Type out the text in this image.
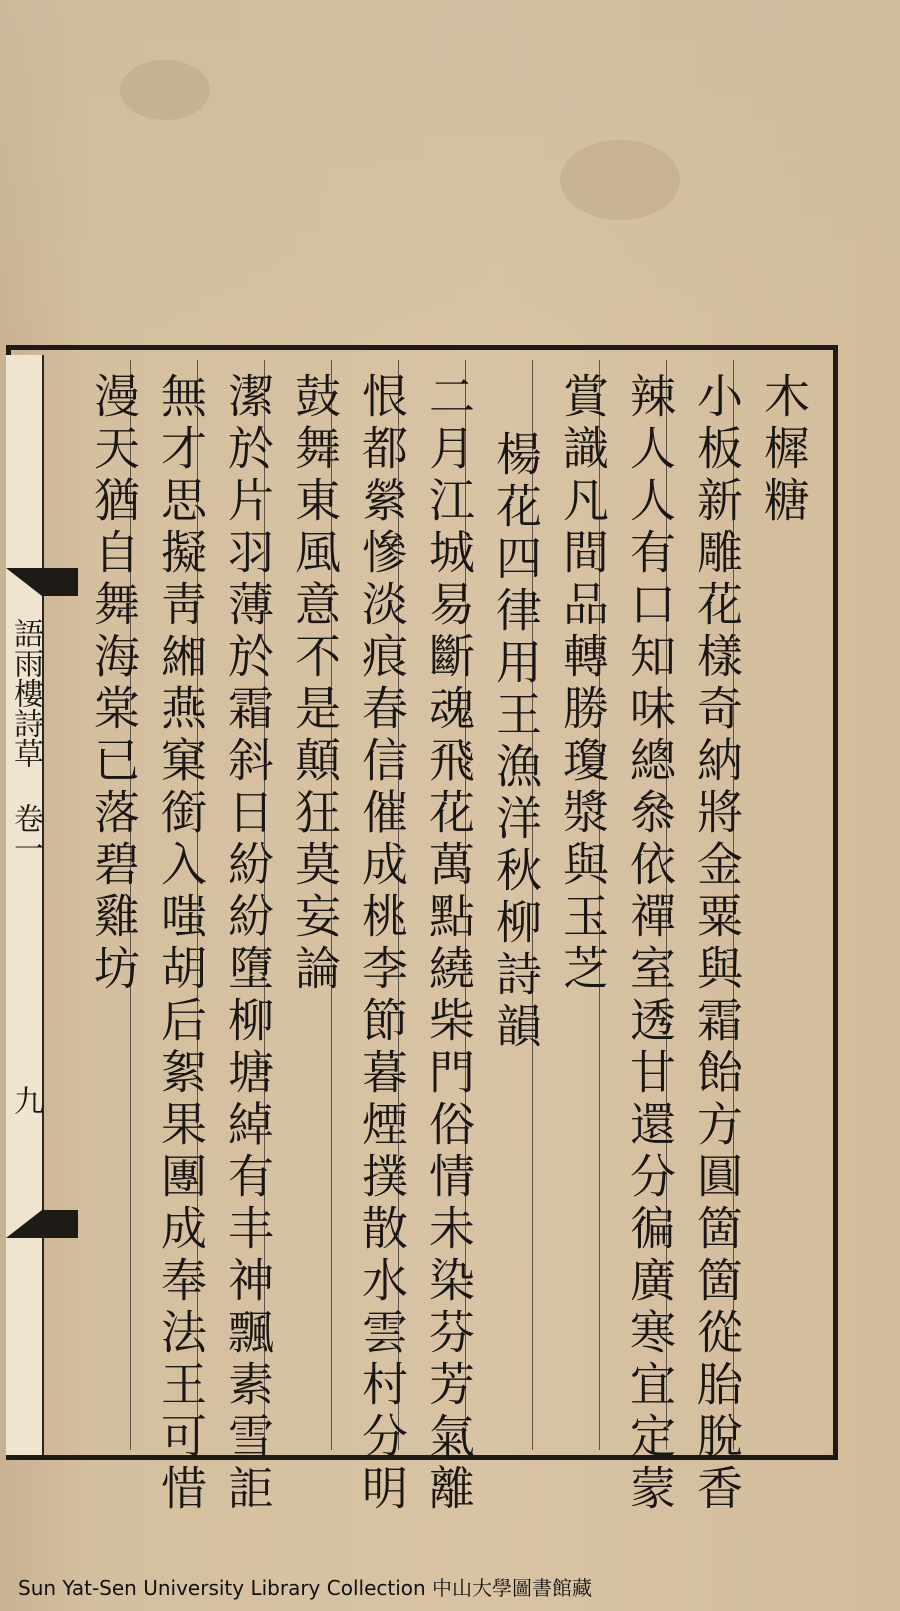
語雨樓詩草 卷一
九
木樨糖
小板新雕花樣奇納將金粟與霜飴方圓箇箇從胎脫香
辣人人有口知味總叅依禪室透甘還分徧廣寒宜定蒙
賞識凡間品轉勝瓊漿與玉芝
楊花四律用王漁洋秋柳詩韻
二月江城易斷魂飛花萬點繞柴門俗情未染芬芳氣離
恨都縈慘淡痕春信催成桃李節暮煙撲散水雲村分明
鼓舞東風意不是顛狂莫妄論
潔於片羽薄於霜斜日紛紛墮柳塘綽有丰神飄素雪詎
無才思擬靑緗燕窠銜入嗤胡后絮果團成奉法王可惜
漫天猶自舞海棠已落碧雞坊
Sun Yat-Sen University Library Collection 中山大學圖書館藏
